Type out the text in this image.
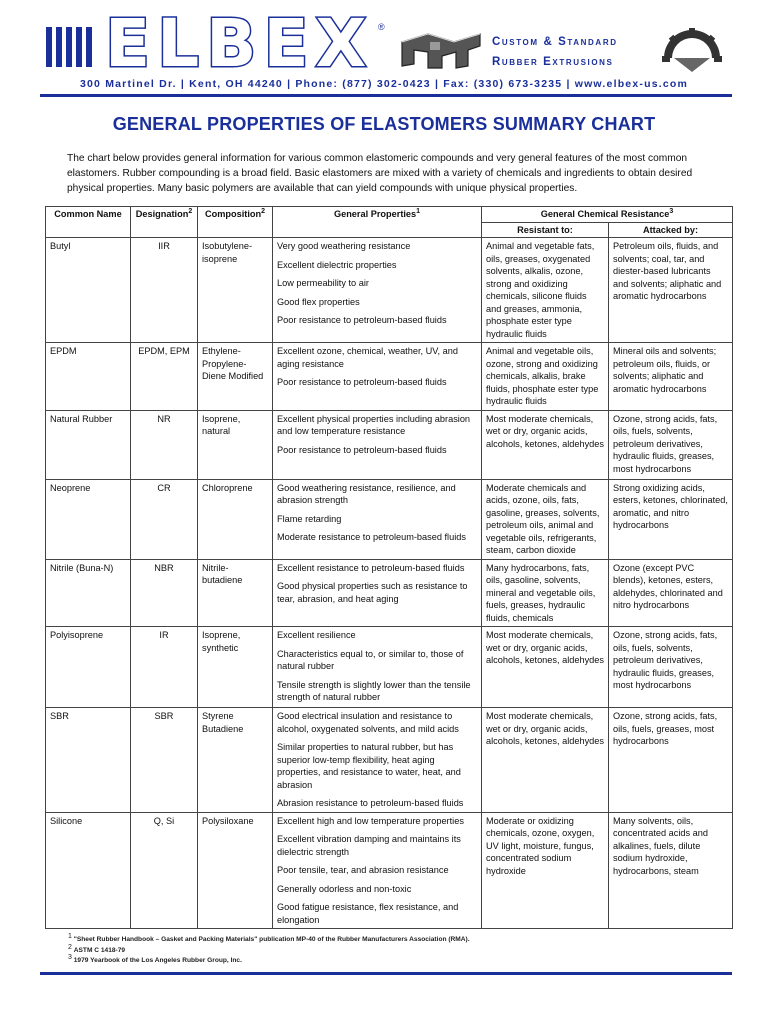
ELBEX ®
Custom & Standard
Rubber Extrusions
300 Martinel Dr. | Kent, OH 44240 | Phone: (877) 302-0423 | Fax: (330) 673-3235 | www.elbex-us.com
GENERAL PROPERTIES OF ELASTOMERS SUMMARY CHART
The chart below provides general information for various common elastomeric compounds and very general features of the most common elastomers. Rubber compounding is a broad field. Basic elastomers are mixed with a variety of chemicals and ingredients to obtain desired physical properties. Many basic polymers are available that can yield compounds with unique physical properties.
Common Name	Designation$^2$	Composition$^2$	General Properties$^1$	General Chemical Resistance$^3$
				Resistant to:	Attacked by:
Butyl	IIR	Isobutylene-isoprene	Very good weathering resistance

Excellent dielectric properties

Low permeability to air

Good flex properties

Poor resistance to petroleum-based fluids	Animal and vegetable fats, oils, greases, oxygenated solvents, alkalis, ozone, strong and oxidizing chemicals, silicone fluids and greases, ammonia, phosphate ester type hydraulic fluids	Petroleum oils, fluids, and solvents; coal, tar, and diester-based lubricants and solvents; aliphatic and aromatic hydrocarbons
EPDM	EPDM, EPM	Ethylene-Propylene-Diene Modified	Excellent ozone, chemical, weather, UV, and aging resistance

Poor resistance to petroleum-based fluids	Animal and vegetable oils, ozone, strong and oxidizing chemicals, alkalis, brake fluids, phosphate ester type hydraulic fluids	Mineral oils and solvents; petroleum oils, fluids, or solvents; aliphatic and aromatic hydrocarbons
Natural Rubber	NR	Isoprene, natural	Excellent physical properties including abrasion and low temperature resistance

Poor resistance to petroleum-based fluids	Most moderate chemicals, wet or dry, organic acids, alcohols, ketones, aldehydes	Ozone, strong acids, fats, oils, fuels, solvents, petroleum derivatives, hydraulic fluids, greases, most hydrocarbons
Neoprene	CR	Chloroprene	Good weathering resistance, resilience, and abrasion strength

Flame retarding

Moderate resistance to petroleum-based fluids	Moderate chemicals and acids, ozone, oils, fats, gasoline, greases, solvents, petroleum oils, animal and vegetable oils, refrigerants, steam, carbon dioxide	Strong oxidizing acids, esters, ketones, chlorinated, aromatic, and nitro hydrocarbons
Nitrile (Buna-N)	NBR	Nitrile-butadiene	Excellent resistance to petroleum-based fluids

Good physical properties such as resistance to tear, abrasion, and heat aging	Many hydrocarbons, fats, oils, gasoline, solvents, mineral and vegetable oils, fuels, greases, hydraulic fluids, chemicals	Ozone (except PVC blends), ketones, esters, aldehydes, chlorinated and nitro hydrocarbons
Polyisoprene	IR	Isoprene, synthetic	Excellent resilience

Characteristics equal to, or similar to, those of natural rubber

Tensile strength is slightly lower than the tensile strength of natural rubber	Most moderate chemicals, wet or dry, organic acids, alcohols, ketones, aldehydes	Ozone, strong acids, fats, oils, fuels, solvents, petroleum derivatives, hydraulic fluids, greases, most hydrocarbons
SBR	SBR	Styrene Butadiene	Good electrical insulation and resistance to alcohol, oxygenated solvents, and mild acids

Similar properties to natural rubber, but has superior low-temp flexibility, heat aging properties, and resistance to water, heat, and abrasion

Abrasion resistance to petroleum-based fluids	Most moderate chemicals, wet or dry, organic acids, alcohols, ketones, aldehydes	Ozone, strong acids, fats, oils, fuels, greases, most hydrocarbons
Silicone	Q, Si	Polysiloxane	Excellent high and low temperature properties

Excellent vibration damping and maintains its dielectric strength

Poor tensile, tear, and abrasion resistance

Generally odorless and non-toxic

Good fatigue resistance, flex resistance, and elongation	Moderate or oxidizing chemicals, ozone, oxygen, UV light, moisture, fungus, concentrated sodium hydroxide	Many solvents, oils, concentrated acids and alkalines, fuels, dilute sodium hydroxide, hydrocarbons, steam
$^1$ "Sheet Rubber Handbook – Gasket and Packing Materials" publication MP-40 of the Rubber Manufacturers Association (RMA).
$^2$ ASTM C 1418-79
$^3$ 1979 Yearbook of the Los Angeles Rubber Group, Inc.
